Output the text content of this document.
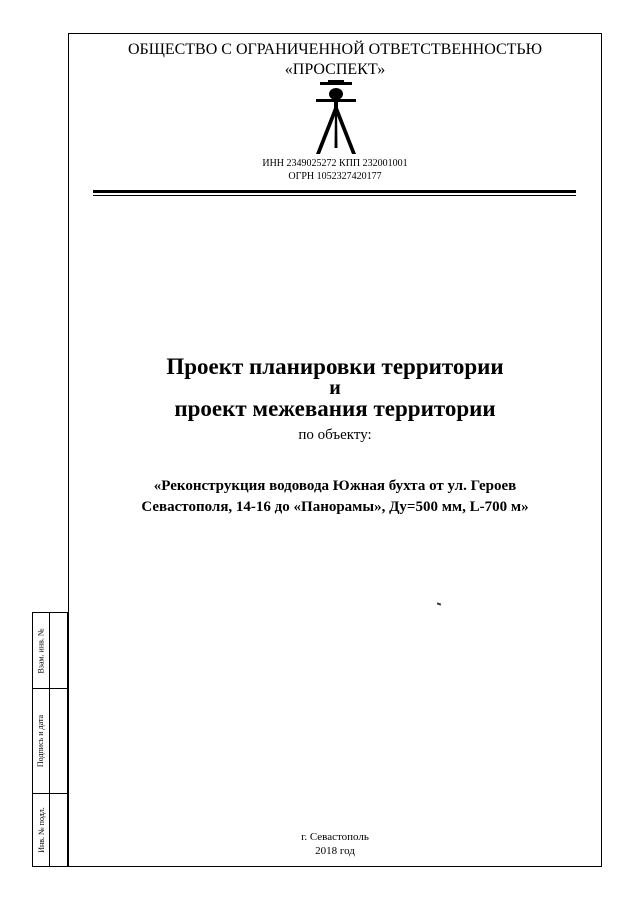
ОБЩЕСТВО С ОГРАНИЧЕННОЙ ОТВЕТСТВЕННОСТЬЮ
«ПРОСПЕКТ»
ИНН 2349025272 КПП 232001001
ОГРН 1052327420177
Проект планировки территории
и
проект межевания территории
по объекту:
«Реконструкция водовода Южная бухта от ул. Героев
Севастополя, 14-16 до «Панорамы», Ду=500 мм, L-700 м»
г. Севастополь
2018 год
Взам. инв. №
Подпись и дата
Инв. № подл.
